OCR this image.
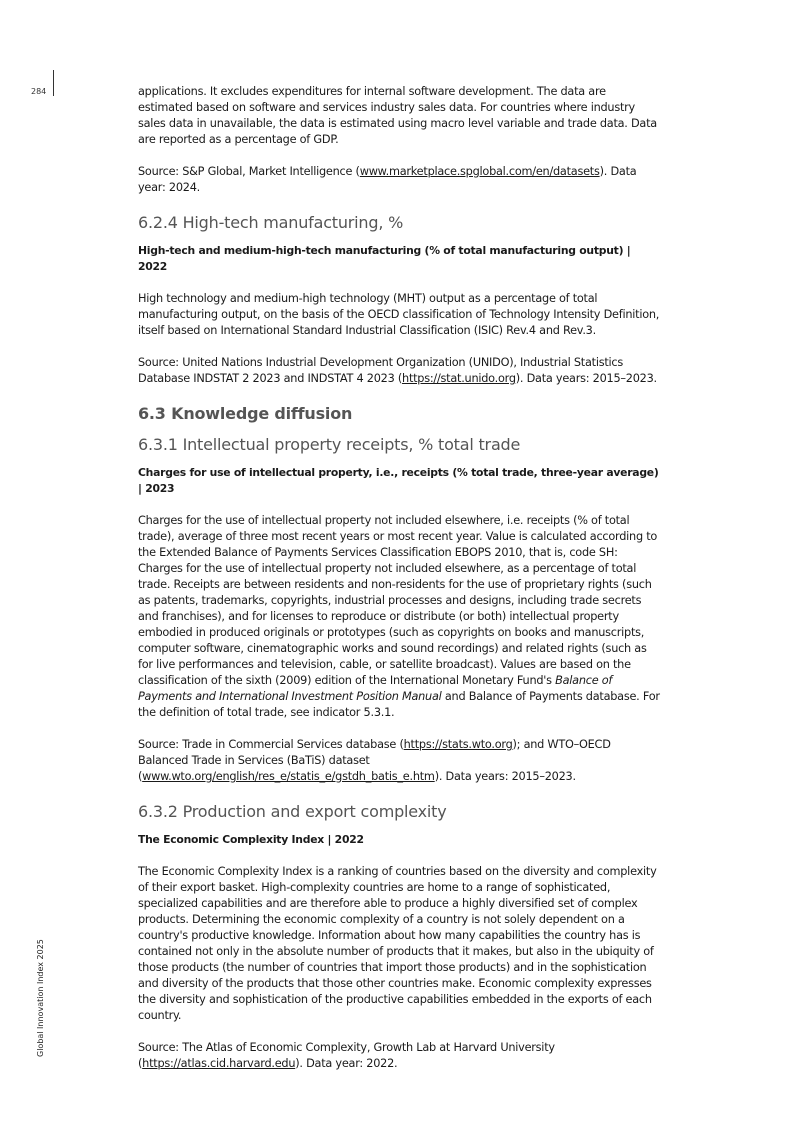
284
Global Innovation Index 2025

applications. It excludes expenditures for internal software development. The data are estimated based on software and services industry sales data. For countries where industry sales data in unavailable, the data is estimated using macro level variable and trade data. Data are reported as a percentage of GDP.

Source: S&P Global, Market Intelligence (www.marketplace.spglobal.com/en/datasets). Data year: 2024.

6.2.4 High-tech manufacturing, %

High-tech and medium-high-tech manufacturing (% of total manufacturing output) | 2022

High technology and medium-high technology (MHT) output as a percentage of total manufacturing output, on the basis of the OECD classification of Technology Intensity Definition, itself based on International Standard Industrial Classification (ISIC) Rev.4 and Rev.3.

Source: United Nations Industrial Development Organization (UNIDO), Industrial Statistics Database INDSTAT 2 2023 and INDSTAT 4 2023 (https://stat.unido.org). Data years: 2015–2023.

6.3 Knowledge diffusion
6.3.1 Intellectual property receipts, % total trade

Charges for use of intellectual property, i.e., receipts (% total trade, three-year average) | 2023

Charges for the use of intellectual property not included elsewhere, i.e. receipts (% of total trade), average of three most recent years or most recent year. Value is calculated according to the Extended Balance of Payments Services Classification EBOPS 2010, that is, code SH: Charges for the use of intellectual property not included elsewhere, as a percentage of total trade. Receipts are between residents and non-residents for the use of proprietary rights (such as patents, trademarks, copyrights, industrial processes and designs, including trade secrets and franchises), and for licenses to reproduce or distribute (or both) intellectual property embodied in produced originals or prototypes (such as copyrights on books and manuscripts, computer software, cinematographic works and sound recordings) and related rights (such as for live performances and television, cable, or satellite broadcast). Values are based on the classification of the sixth (2009) edition of the International Monetary Fund's Balance of Payments and International Investment Position Manual and Balance of Payments database. For the definition of total trade, see indicator 5.3.1.

Source: Trade in Commercial Services database (https://stats.wto.org); and WTO–OECD Balanced Trade in Services (BaTiS) dataset (www.wto.org/english/res_e/statis_e/gstdh_batis_e.htm). Data years: 2015–2023.

6.3.2 Production and export complexity

The Economic Complexity Index | 2022

The Economic Complexity Index is a ranking of countries based on the diversity and complexity of their export basket. High-complexity countries are home to a range of sophisticated, specialized capabilities and are therefore able to produce a highly diversified set of complex products. Determining the economic complexity of a country is not solely dependent on a country's productive knowledge. Information about how many capabilities the country has is contained not only in the absolute number of products that it makes, but also in the ubiquity of those products (the number of countries that import those products) and in the sophistication and diversity of the products that those other countries make. Economic complexity expresses the diversity and sophistication of the productive capabilities embedded in the exports of each country.

Source: The Atlas of Economic Complexity, Growth Lab at Harvard University (https://atlas.cid.harvard.edu). Data year: 2022.
